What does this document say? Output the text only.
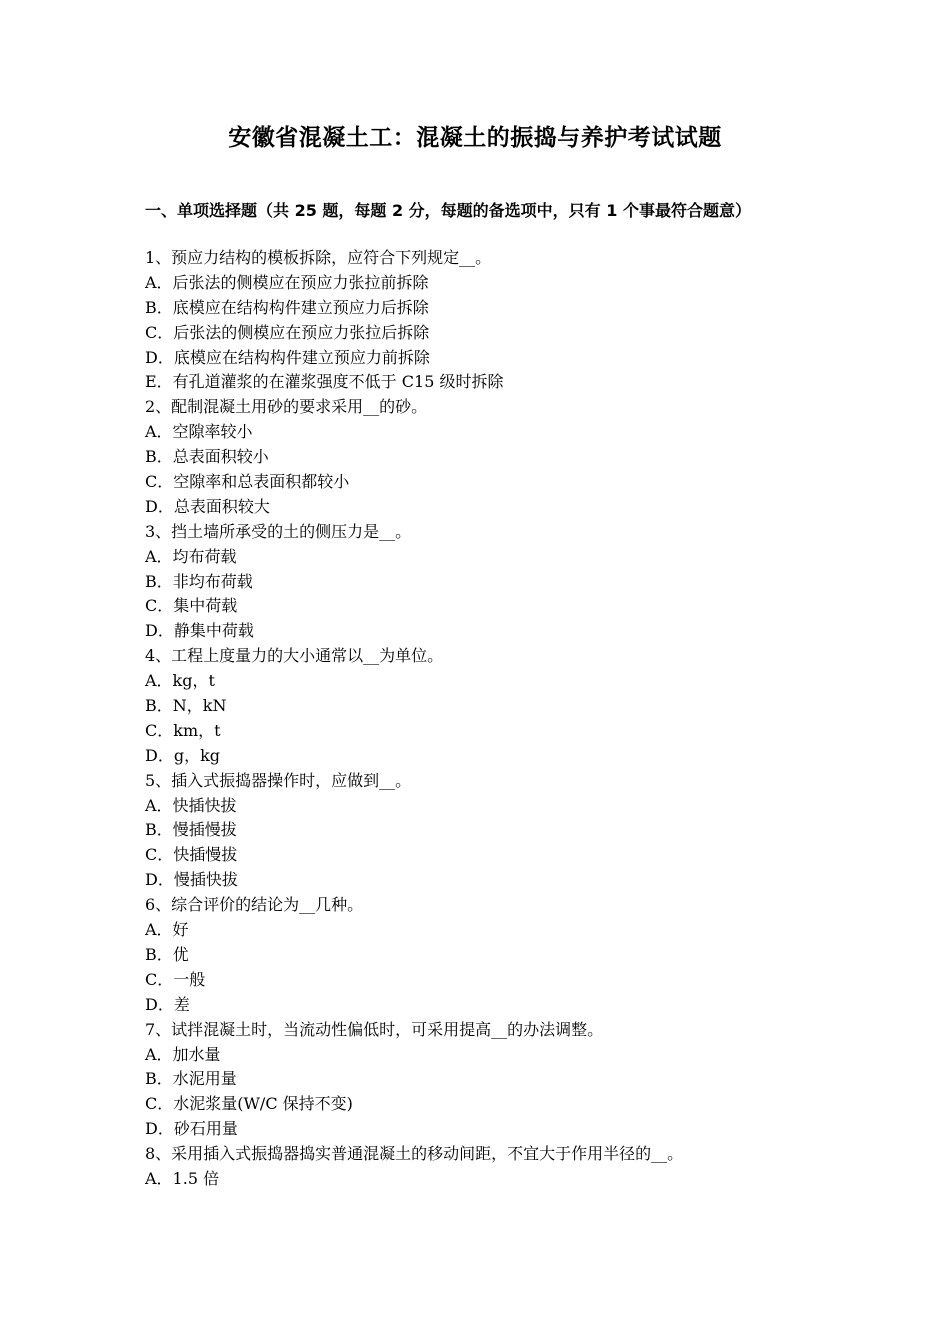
安徽省混凝土工：混凝土的振捣与养护考试试题
一、单项选择题（共 25 题，每题 2 分，每题的备选项中，只有 1 个事最符合题意）
1、预应力结构的模板拆除，应符合下列规定__。
A．后张法的侧模应在预应力张拉前拆除
B．底模应在结构构件建立预应力后拆除
C．后张法的侧模应在预应力张拉后拆除
D．底模应在结构构件建立预应力前拆除
E．有孔道灌浆的在灌浆强度不低于 C15 级时拆除
2、配制混凝土用砂的要求采用__的砂。
A．空隙率较小
B．总表面积较小
C．空隙率和总表面积都较小
D．总表面积较大
3、挡土墙所承受的土的侧压力是__。
A．均布荷载
B．非均布荷载
C．集中荷载
D．静集中荷载
4、工程上度量力的大小通常以__为单位。
A．kg，t
B．N，kN
C．km，t
D．g，kg
5、插入式振捣器操作时，应做到__。
A．快插快拔
B．慢插慢拔
C．快插慢拔
D．慢插快拔
6、综合评价的结论为__几种。
A．好
B．优
C．一般
D．差
7、试拌混凝土时，当流动性偏低时，可采用提高__的办法调整。
A．加水量
B．水泥用量
C．水泥浆量(W/C 保持不变)
D．砂石用量
8、采用插入式振捣器捣实普通混凝土的移动间距，不宜大于作用半径的__。
A．1.5 倍
